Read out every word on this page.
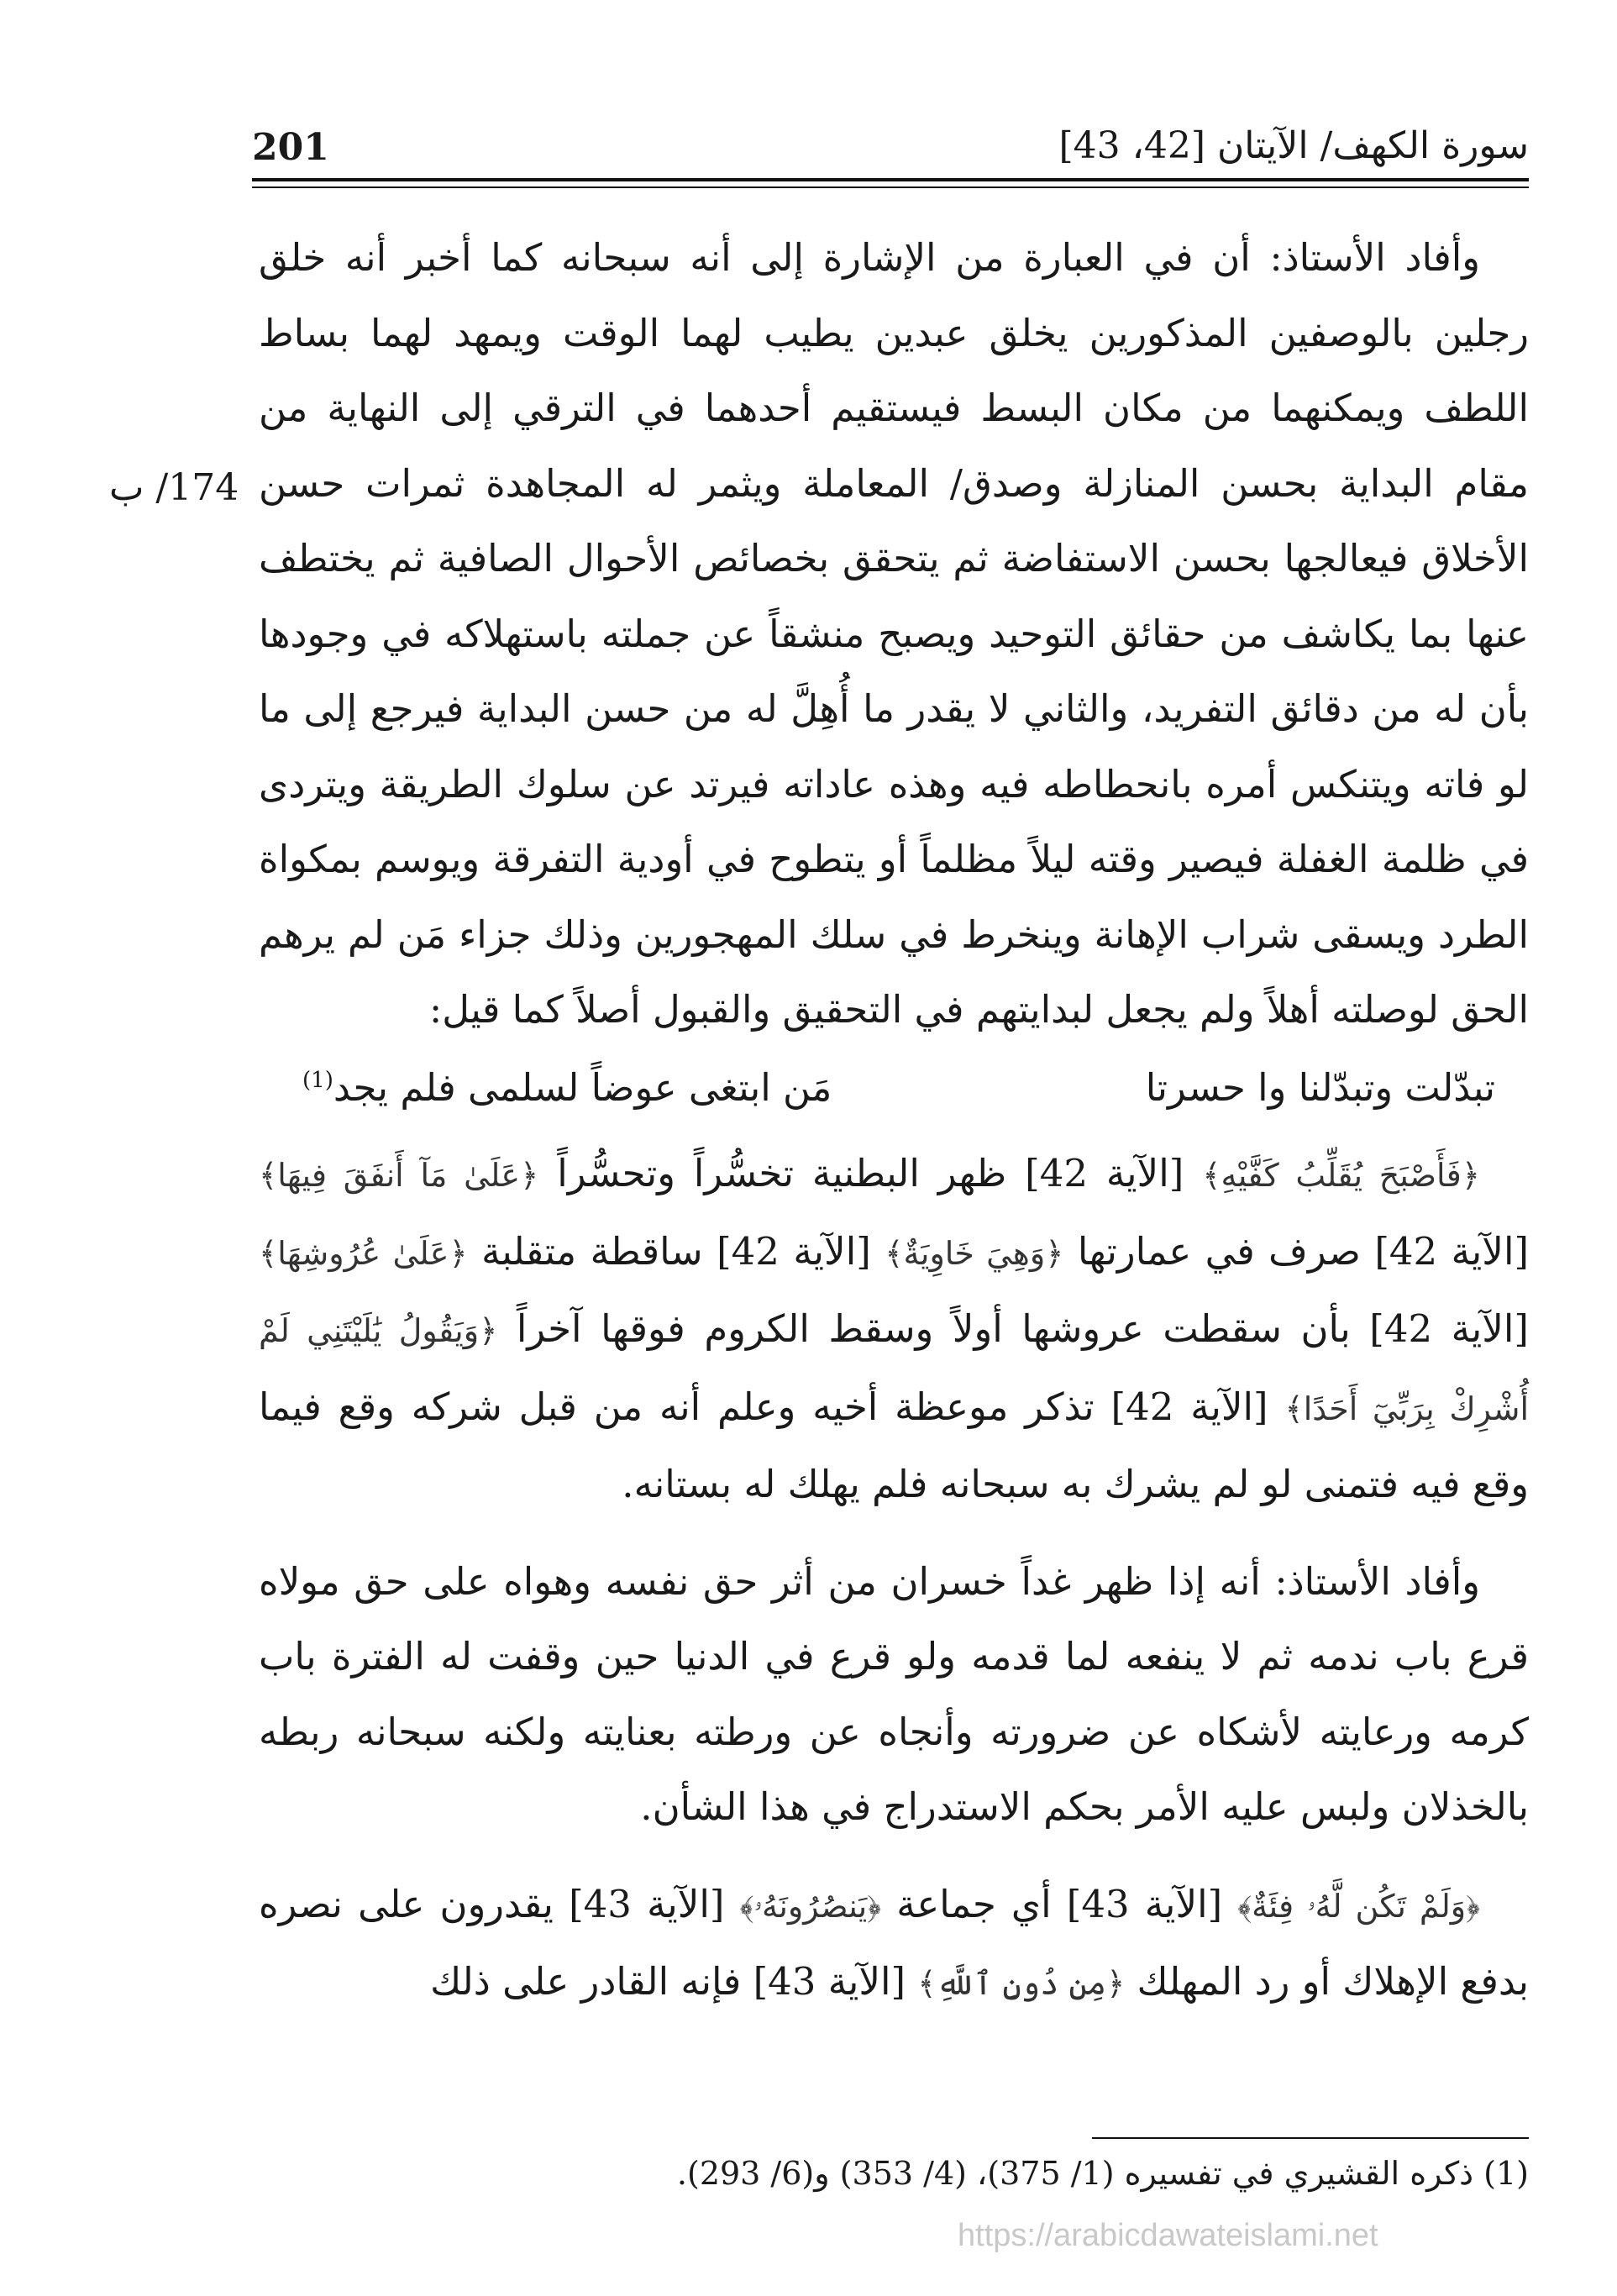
سورة الكهف/ الآيتان [42، 43]
201
174/ ب

وأفاد الأستاذ: أن في العبارة من الإشارة إلى أنه سبحانه كما أخبر أنه خلق رجلين بالوصفين المذكورين يخلق عبدين يطيب لهما الوقت ويمهد لهما بساط اللطف ويمكنهما من مكان البسط فيستقيم أحدهما في الترقي إلى النهاية من مقام البداية بحسن المنازلة وصدق/ المعاملة ويثمر له المجاهدة ثمرات حسن الأخلاق فيعالجها بحسن الاستفاضة ثم يتحقق بخصائص الأحوال الصافية ثم يختطف عنها بما يكاشف من حقائق التوحيد ويصبح منشقاً عن جملته باستهلاكه في وجودها بأن له من دقائق التفريد، والثاني لا يقدر ما أُهِلَّ له من حسن البداية فيرجع إلى ما لو فاته ويتنكس أمره بانحطاطه فيه وهذه عاداته فيرتد عن سلوك الطريقة ويتردى في ظلمة الغفلة فيصير وقته ليلاً مظلماً أو يتطوح في أودية التفرقة ويوسم بمكواة الطرد ويسقى شراب الإهانة وينخرط في سلك المهجورين وذلك جزاء مَن لم يرهم الحق لوصلته أهلاً ولم يجعل لبدايتهم في التحقيق والقبول أصلاً كما قيل:

تبدّلت وتبدّلنا وا حسرتا
مَن ابتغى عوضاً لسلمى فلم يجد$^{(1)}$

﴿فَأَصْبَحَ يُقَلِّبُ كَفَّيْهِ﴾ [الآية 42] ظهر البطنية تخسُّراً وتحسُّراً ﴿عَلَىٰ مَآ أَنفَقَ فِيهَا﴾ [الآية 42] صرف في عمارتها ﴿وَهِيَ خَاوِيَةٌ﴾ [الآية 42] ساقطة متقلبة ﴿عَلَىٰ عُرُوشِهَا﴾ [الآية 42] بأن سقطت عروشها أولاً وسقط الكروم فوقها آخراً ﴿وَيَقُولُ يَٰلَيْتَنِي لَمْ أُشْرِكْ بِرَبِّيٓ أَحَدًا﴾ [الآية 42] تذكر موعظة أخيه وعلم أنه من قبل شركه وقع فيما وقع فيه فتمنى لو لم يشرك به سبحانه فلم يهلك له بستانه.

وأفاد الأستاذ: أنه إذا ظهر غداً خسران من أثر حق نفسه وهواه على حق مولاه قرع باب ندمه ثم لا ينفعه لما قدمه ولو قرع في الدنيا حين وقفت له الفترة باب كرمه ورعايته لأشكاه عن ضرورته وأنجاه عن ورطته بعنايته ولكنه سبحانه ربطه بالخذلان ولبس عليه الأمر بحكم الاستدراج في هذا الشأن.

﴿وَلَمْ تَكُن لَّهُۥ فِئَةٌ﴾ [الآية 43] أي جماعة ﴿يَنصُرُونَهُۥ﴾ [الآية 43] يقدرون على نصره بدفع الإهلاك أو رد المهلك ﴿مِن دُونِ ٱللَّهِ﴾ [الآية 43] فإنه القادر على ذلك

(1) ذكره القشيري في تفسيره (1/ 375)، (4/ 353) و(6/ 293).
https://arabicdawateislami.net
